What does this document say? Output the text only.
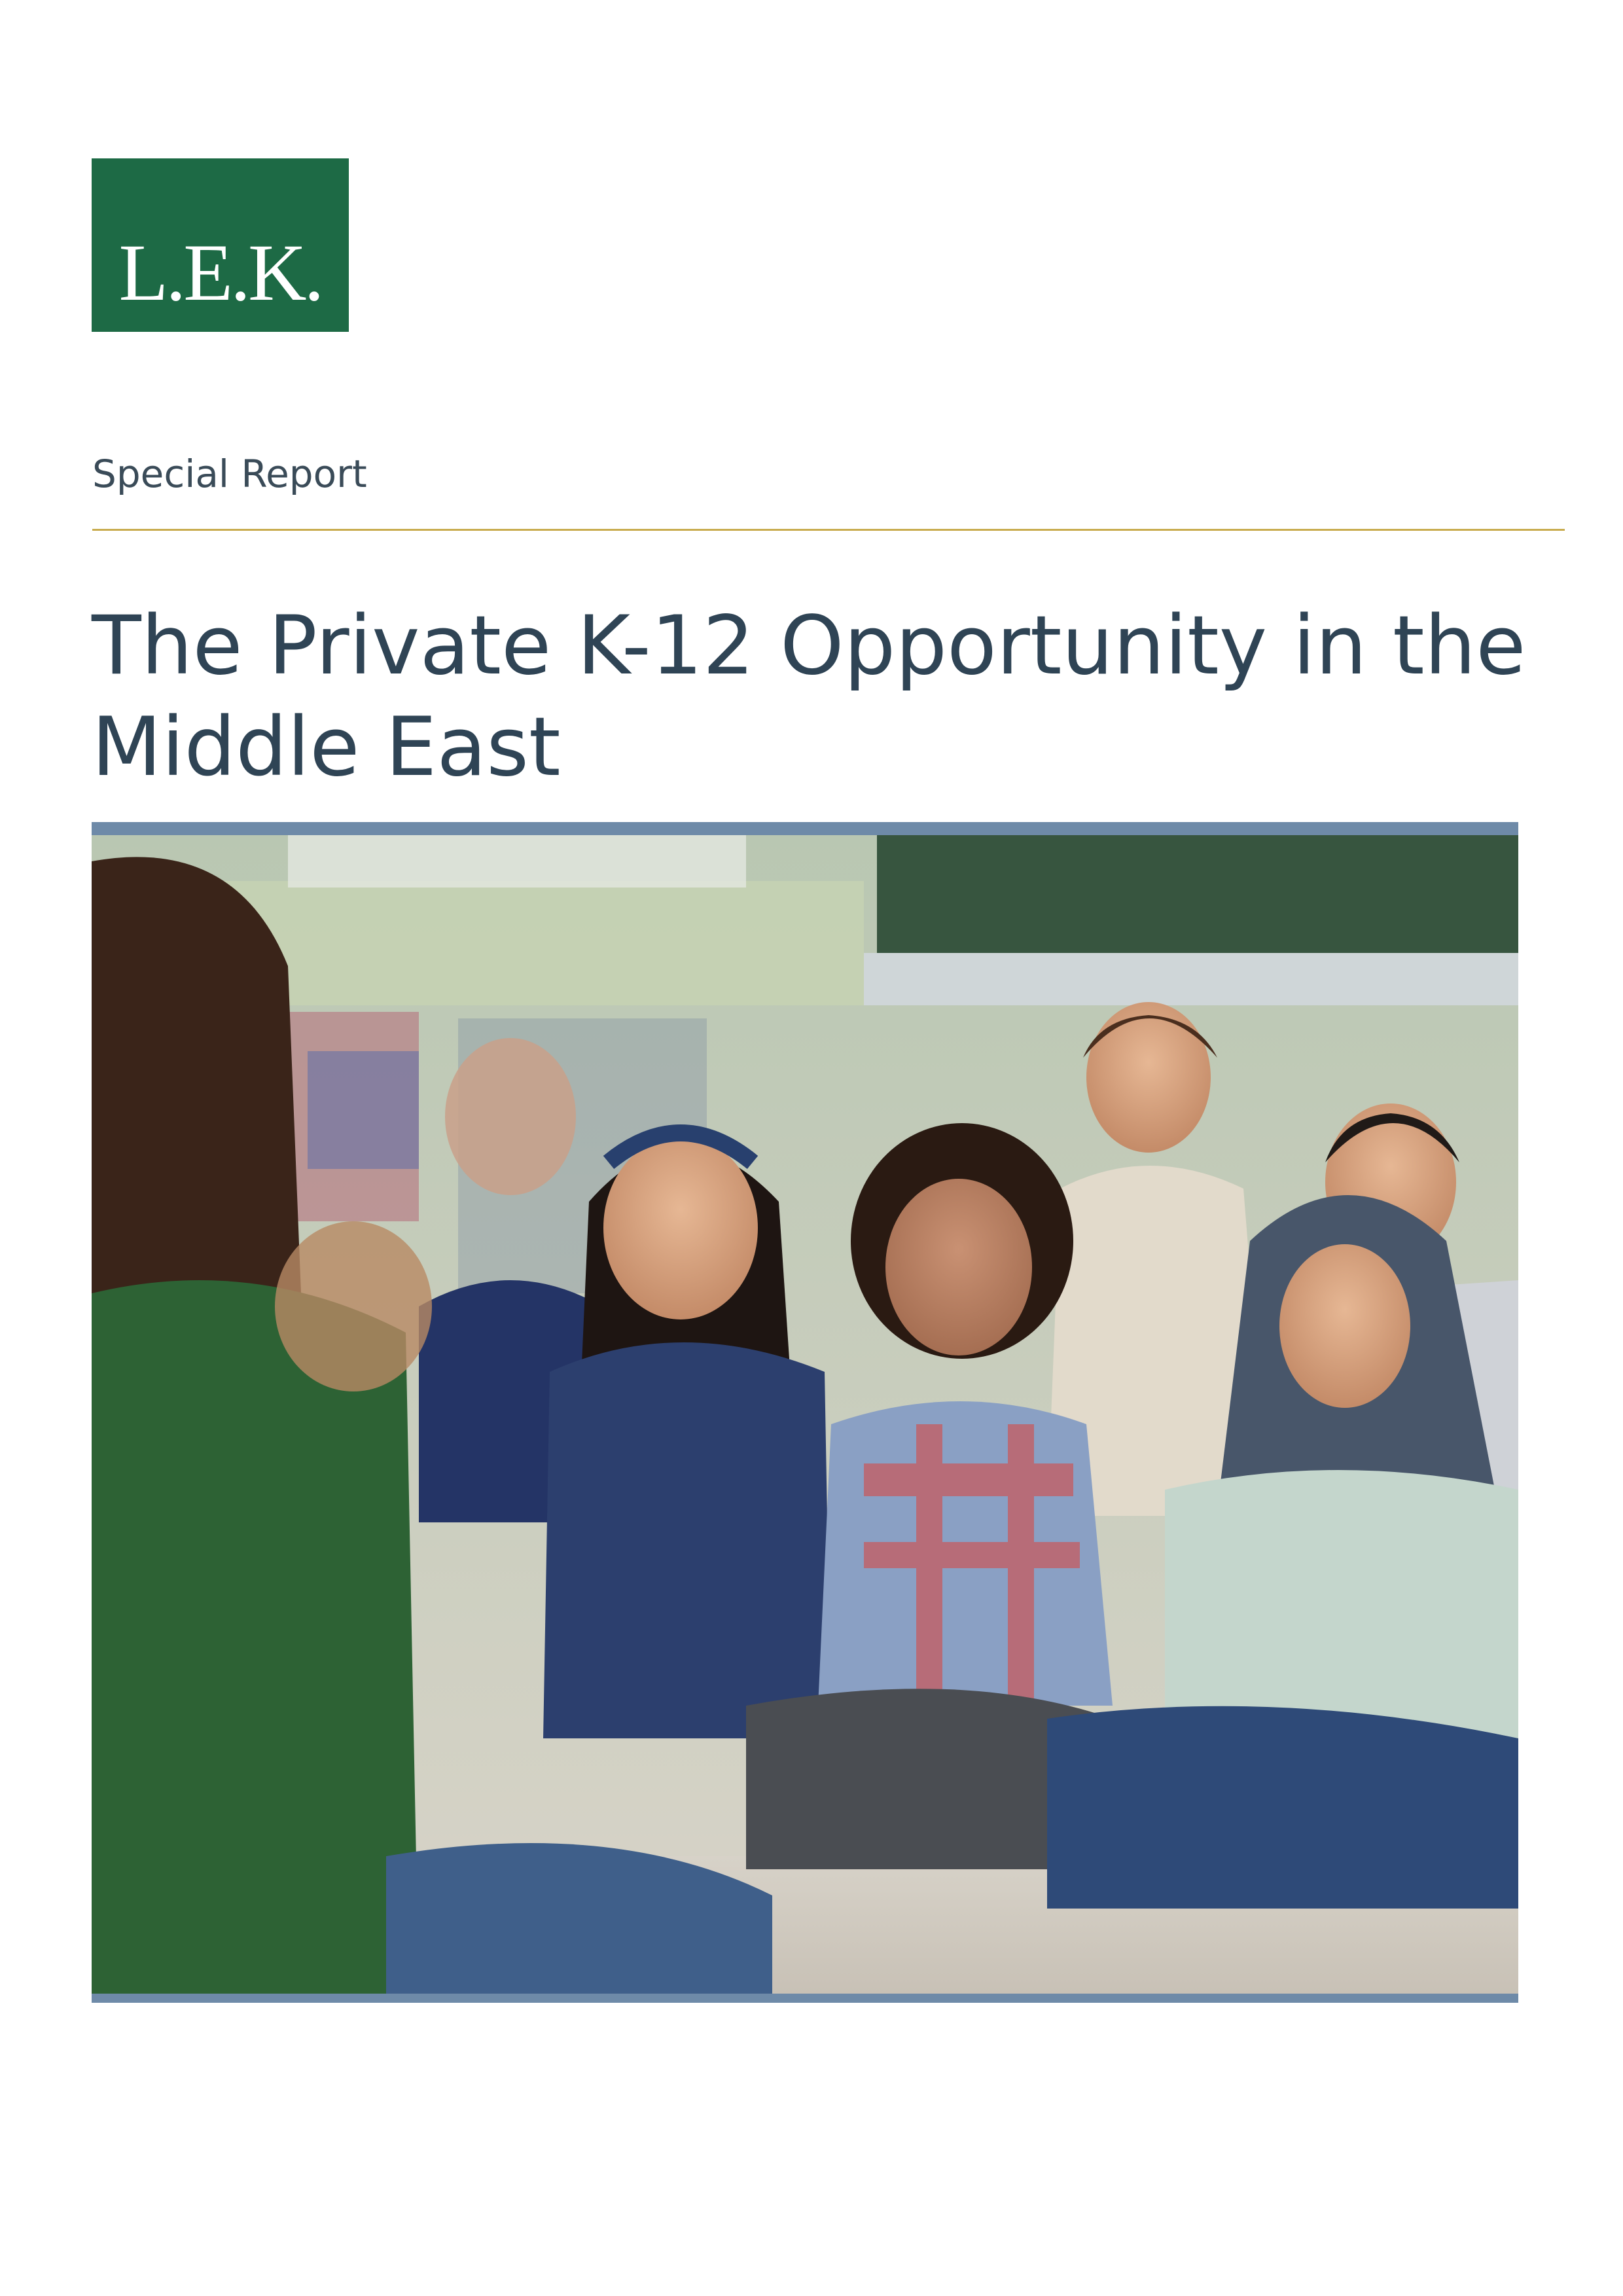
L.E.K.
Special Report
The Private K-12 Opportunity in the Middle East
